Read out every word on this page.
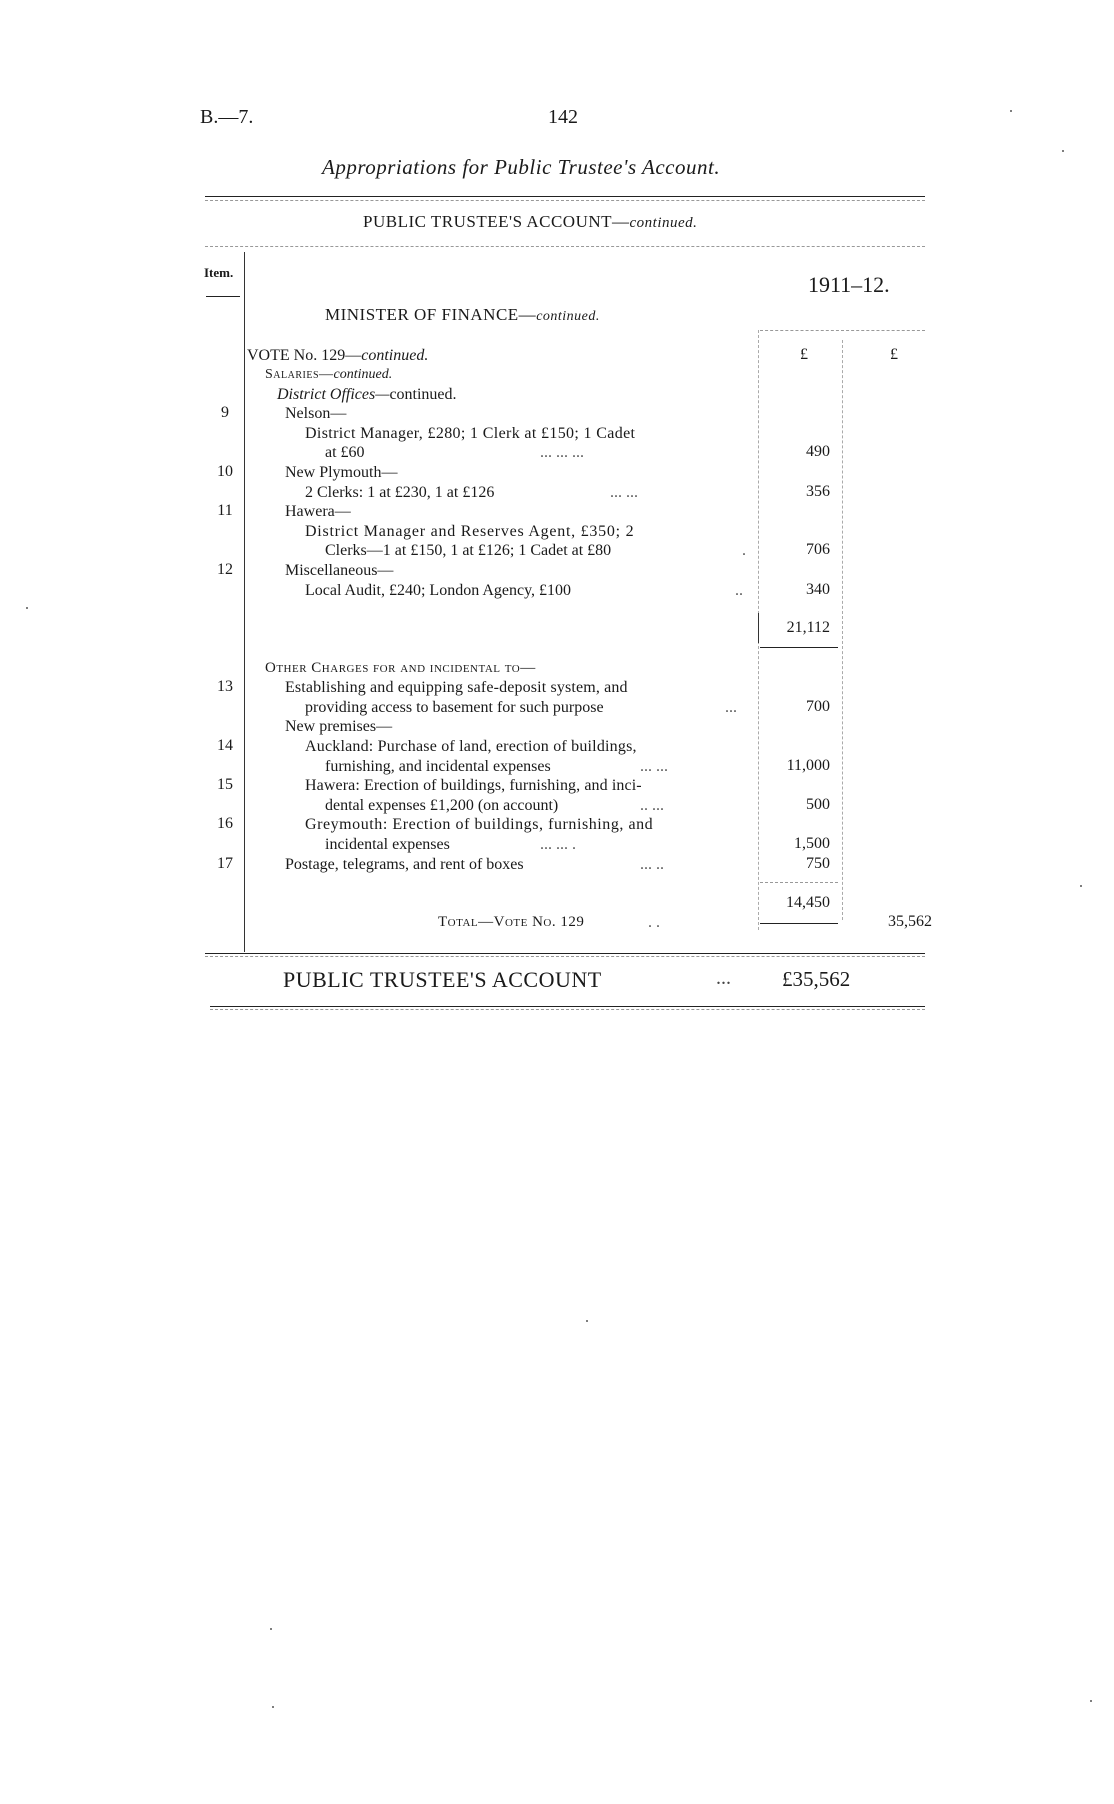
B.—7.	142
Appropriations for Public Trustee's Account.
PUBLIC TRUSTEE'S ACCOUNT—continued.
Item.	1911–12.
MINISTER OF FINANCE—continued.
£	£
VOTE No. 129—continued.
Salaries—continued.
District Offices—continued.
9	Nelson—
District Manager, £280; 1 Clerk at £150; 1 Cadet
at £60	... ... ...	490
10	New Plymouth—
2 Clerks: 1 at £230, 1 at £126	... ...	356
11	Hawera—
District Manager and Reserves Agent, £350; 2
Clerks—1 at £150, 1 at £126; 1 Cadet at £80	.	706
12	Miscellaneous—
Local Audit, £240; London Agency, £100	..	340
21,112
Other Charges for and incidental to—
13	Establishing and equipping safe-deposit system, and
providing access to basement for such purpose	...	700
New premises—
14	Auckland: Purchase of land, erection of buildings,
furnishing, and incidental expenses	... ...	11,000
15	Hawera: Erection of buildings, furnishing, and inci-
dental expenses £1,200 (on account)	.. ...	500
16	Greymouth: Erection of buildings, furnishing, and
incidental expenses	... ... .	1,500
17	Postage, telegrams, and rent of boxes	... ..	750
14,450
Total—Vote No. 129	. .	35,562
PUBLIC TRUSTEE'S ACCOUNT	... £35,562
